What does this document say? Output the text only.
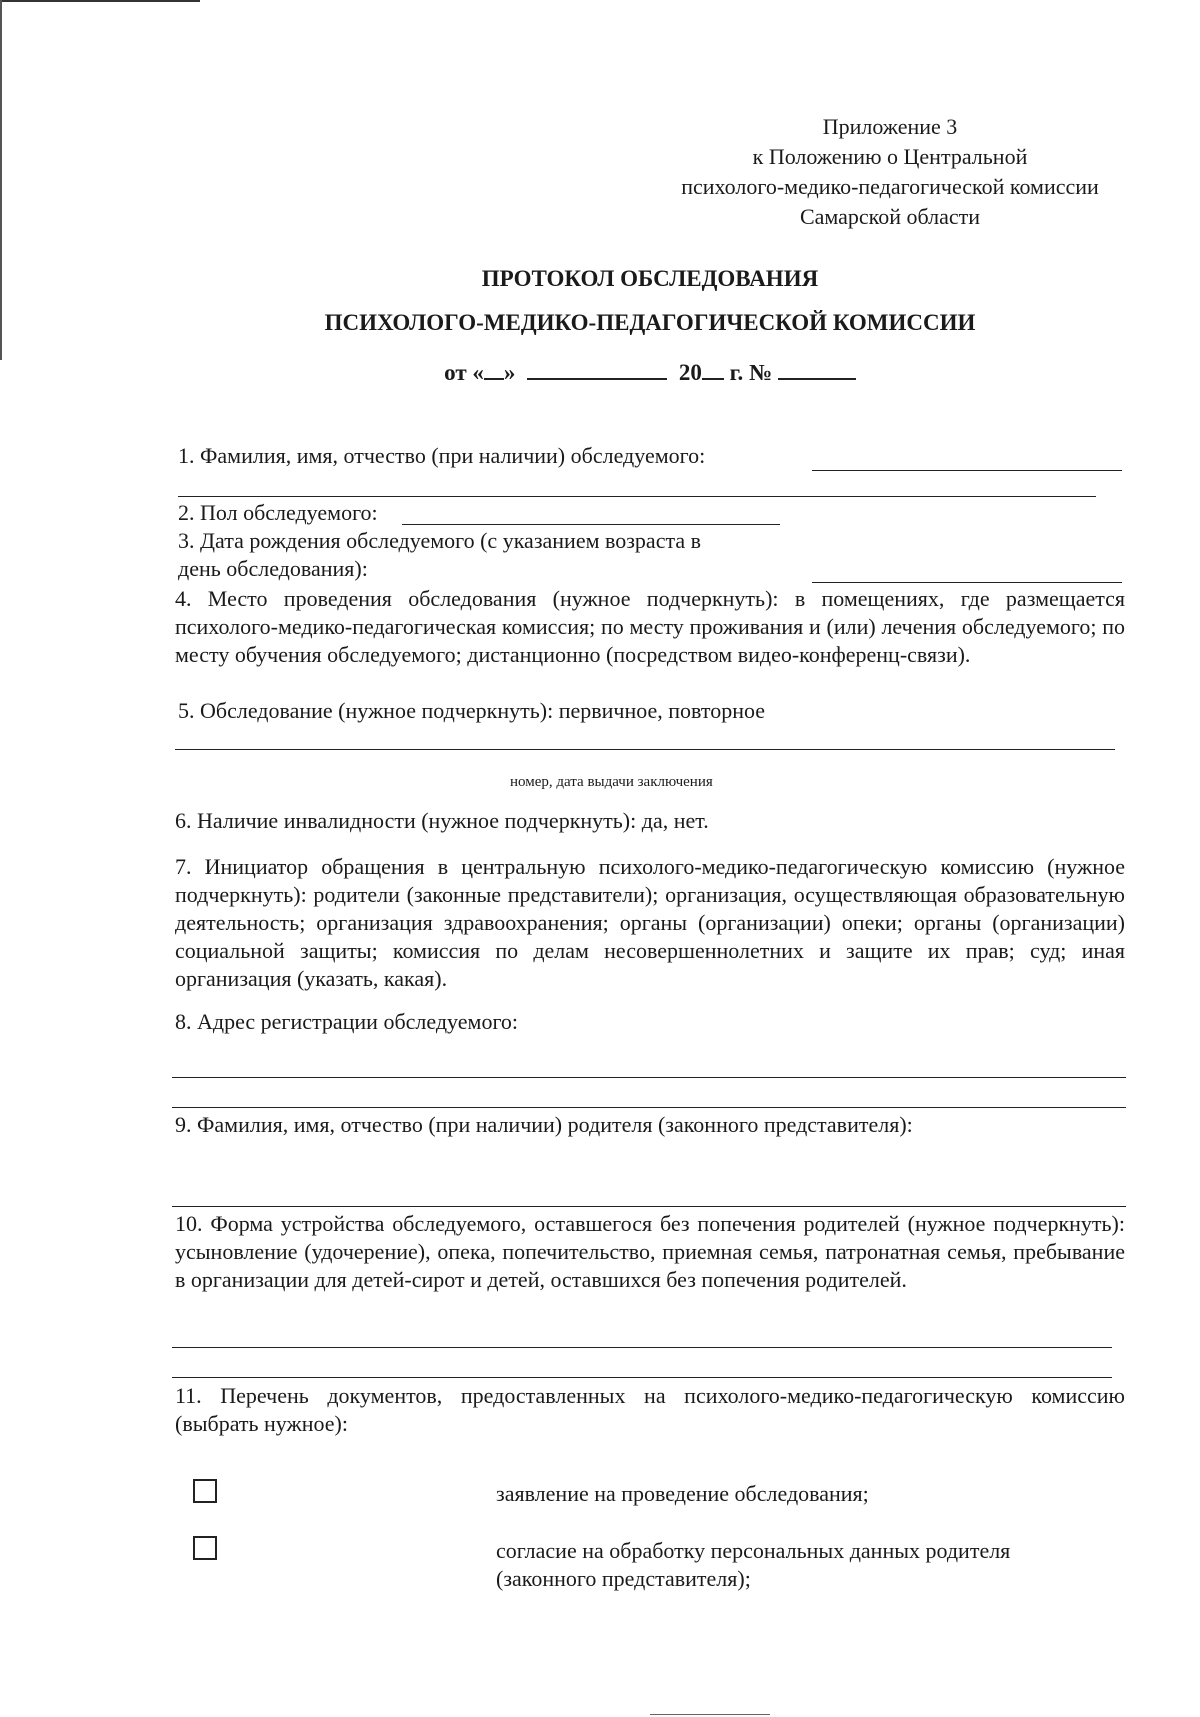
Приложение 3
к Положению о Центральной
психолого-медико-педагогической комиссии
Самарской области
ПРОТОКОЛ ОБСЛЕДОВАНИЯ
ПСИХОЛОГО-МЕДИКО-ПЕДАГОГИЧЕСКОЙ КОМИССИИ
от « »	20 г. №
1. Фамилия, имя, отчество (при наличии) обследуемого:
2. Пол обследуемого:
3. Дата рождения обследуемого (с указанием возраста в
день обследования):
4. Место проведения обследования (нужное подчеркнуть): в помещениях, где размещается психолого-медико-педагогическая комиссия; по месту проживания и (или) лечения обследуемого; по месту обучения обследуемого; дистанционно (посредством видео-конференц-связи).
5. Обследование (нужное подчеркнуть): первичное, повторное
номер, дата выдачи заключения
6. Наличие инвалидности (нужное подчеркнуть): да, нет.
7. Инициатор обращения в центральную психолого-медико-педагогическую комиссию (нужное подчеркнуть): родители (законные представители); организация, осуществляющая образовательную деятельность; организация здравоохранения; органы (организации) опеки; органы (организации) социальной защиты; комиссия по делам несовершеннолетних и защите их прав; суд; иная организация (указать, какая).
8. Адрес регистрации обследуемого:
9. Фамилия, имя, отчество (при наличии) родителя (законного представителя):
10. Форма устройства обследуемого, оставшегося без попечения родителей (нужное подчеркнуть): усыновление (удочерение), опека, попечительство, приемная семья, патронатная семья, пребывание в организации для детей-сирот и детей, оставшихся без попечения родителей.
11. Перечень документов, предоставленных на психолого-медико-педагогическую комиссию (выбрать нужное):
заявление на проведение обследования;
согласие на обработку персональных данных родителя
(законного представителя);
